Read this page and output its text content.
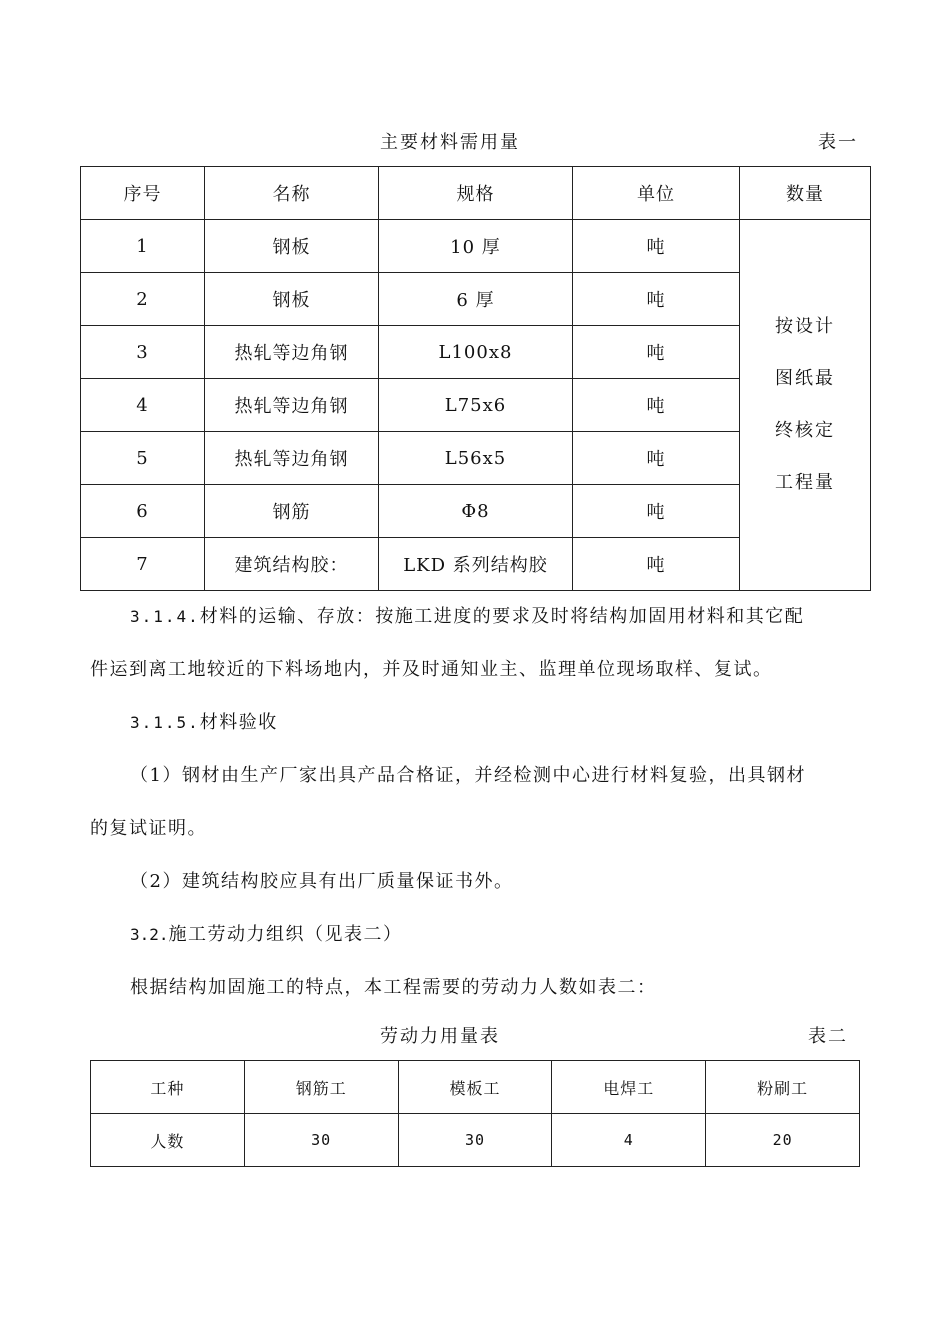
主要材料需用量	表一
序号	名称	规格	单位	数量
1	钢板	10 厚	吨	按设计
图纸最
终核定
工程量

2	钢板	6 厚	吨	
3	热轧等边角钢	L100x8	吨	
4	热轧等边角钢	L75x6	吨	
5	热轧等边角钢	L56x5	吨	
6	钢筋	Φ8	吨	
7	建筑结构胶：	LKD 系列结构胶	吨	
3.1.4.材料的运输、存放：按施工进度的要求及时将结构加固用材料和其它配
件运到离工地较近的下料场地内，并及时通知业主、监理单位现场取样、复试。
3.1.5.材料验收
（1）钢材由生产厂家出具产品合格证，并经检测中心进行材料复验，出具钢材
的复试证明。
（2）建筑结构胶应具有出厂质量保证书外。
3.2.施工劳动力组织（见表二）
根据结构加固施工的特点，本工程需要的劳动力人数如表二：
劳动力用量表	表二
工种	钢筋工	模板工	电焊工	粉刷工
人数	30	30	4	20
